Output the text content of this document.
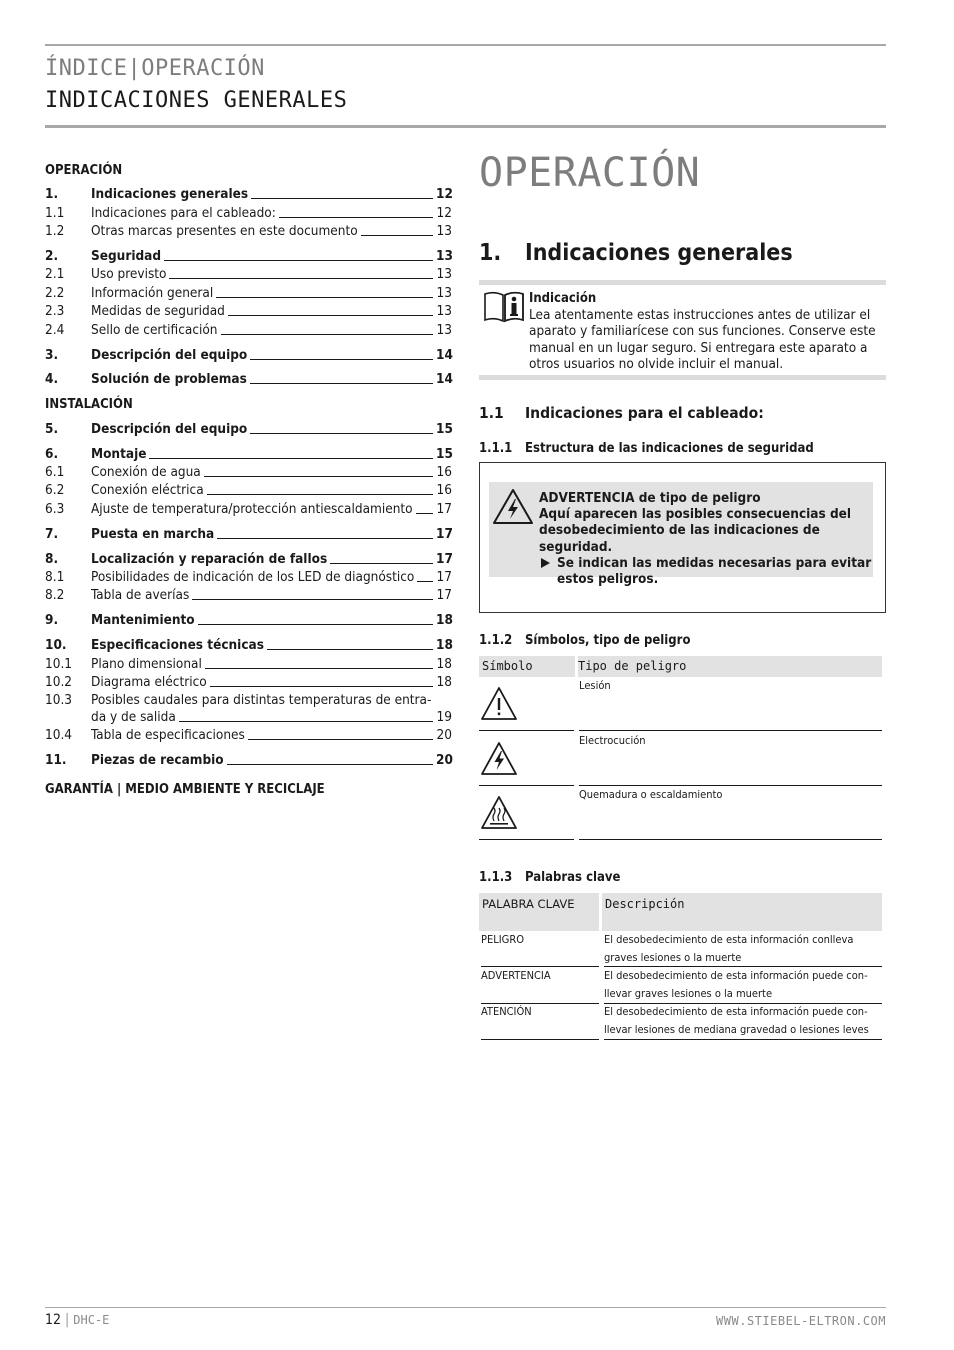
ÍNDICE|OPERACIÓN
INDICACIONES GENERALES
OPERACIÓN
1.	Indicaciones generales	12
1.1	Indicaciones para el cableado:	12
1.2	Otras marcas presentes en este documento	13
2.	Seguridad	13
2.1	Uso previsto	13
2.2	Información general	13
2.3	Medidas de seguridad	13
2.4	Sello de certificación	13
3.	Descripción del equipo	14
4.	Solución de problemas	14
INSTALACIÓN
5.	Descripción del equipo	15
6.	Montaje	15
6.1	Conexión de agua	16
6.2	Conexión eléctrica	16
6.3	Ajuste de temperatura/protección antiescaldamiento 17
7.	Puesta en marcha	17
8.	Localización y reparación de fallos	17
8.1	Posibilidades de indicación de los LED de diagnóstico 17
8.2	Tabla de averías	17
9.	Mantenimiento	18
10.	Especificaciones técnicas	18
10.1	Plano dimensional	18
10.2	Diagrama eléctrico	18
10.3	Posibles caudales para distintas temperaturas de entra-
da y de salida	19
10.4	Tabla de especificaciones	20
11.	Piezas de recambio	20
GARANTÍA | MEDIO AMBIENTE Y RECICLAJE
OPERACIÓN
1. Indicaciones generales
Indicación
Lea atentamente estas instrucciones antes de utilizar el aparato y familiarícese con sus funciones. Conserve este manual en un lugar seguro. Si entregara este aparato a otros usuarios no olvide incluir el manual.
1.1 Indicaciones para el cableado:
1.1.1 Estructura de las indicaciones de seguridad
ADVERTENCIA de tipo de peligro
Aquí aparecen las posibles consecuencias del desobedecimiento de las indicaciones de seguridad.
Se indican las medidas necesarias para evitar estos peligros.
1.1.2 Símbolos, tipo de peligro
Símbolo	Tipo de peligro
Lesión
Electrocución
Quemadura o escaldamiento
1.1.3 Palabras clave
PALABRA CLAVE	Descripción
PELIGRO	El desobedecimiento de esta información conlleva
graves lesiones o la muerte
ADVERTENCIA	El desobedecimiento de esta información puede con-
llevar graves lesiones o la muerte
ATENCIÓN	El desobedecimiento de esta información puede con-
llevar lesiones de mediana gravedad o lesiones leves
12 | DHC-E	WWW.STIEBEL-ELTRON.COM
